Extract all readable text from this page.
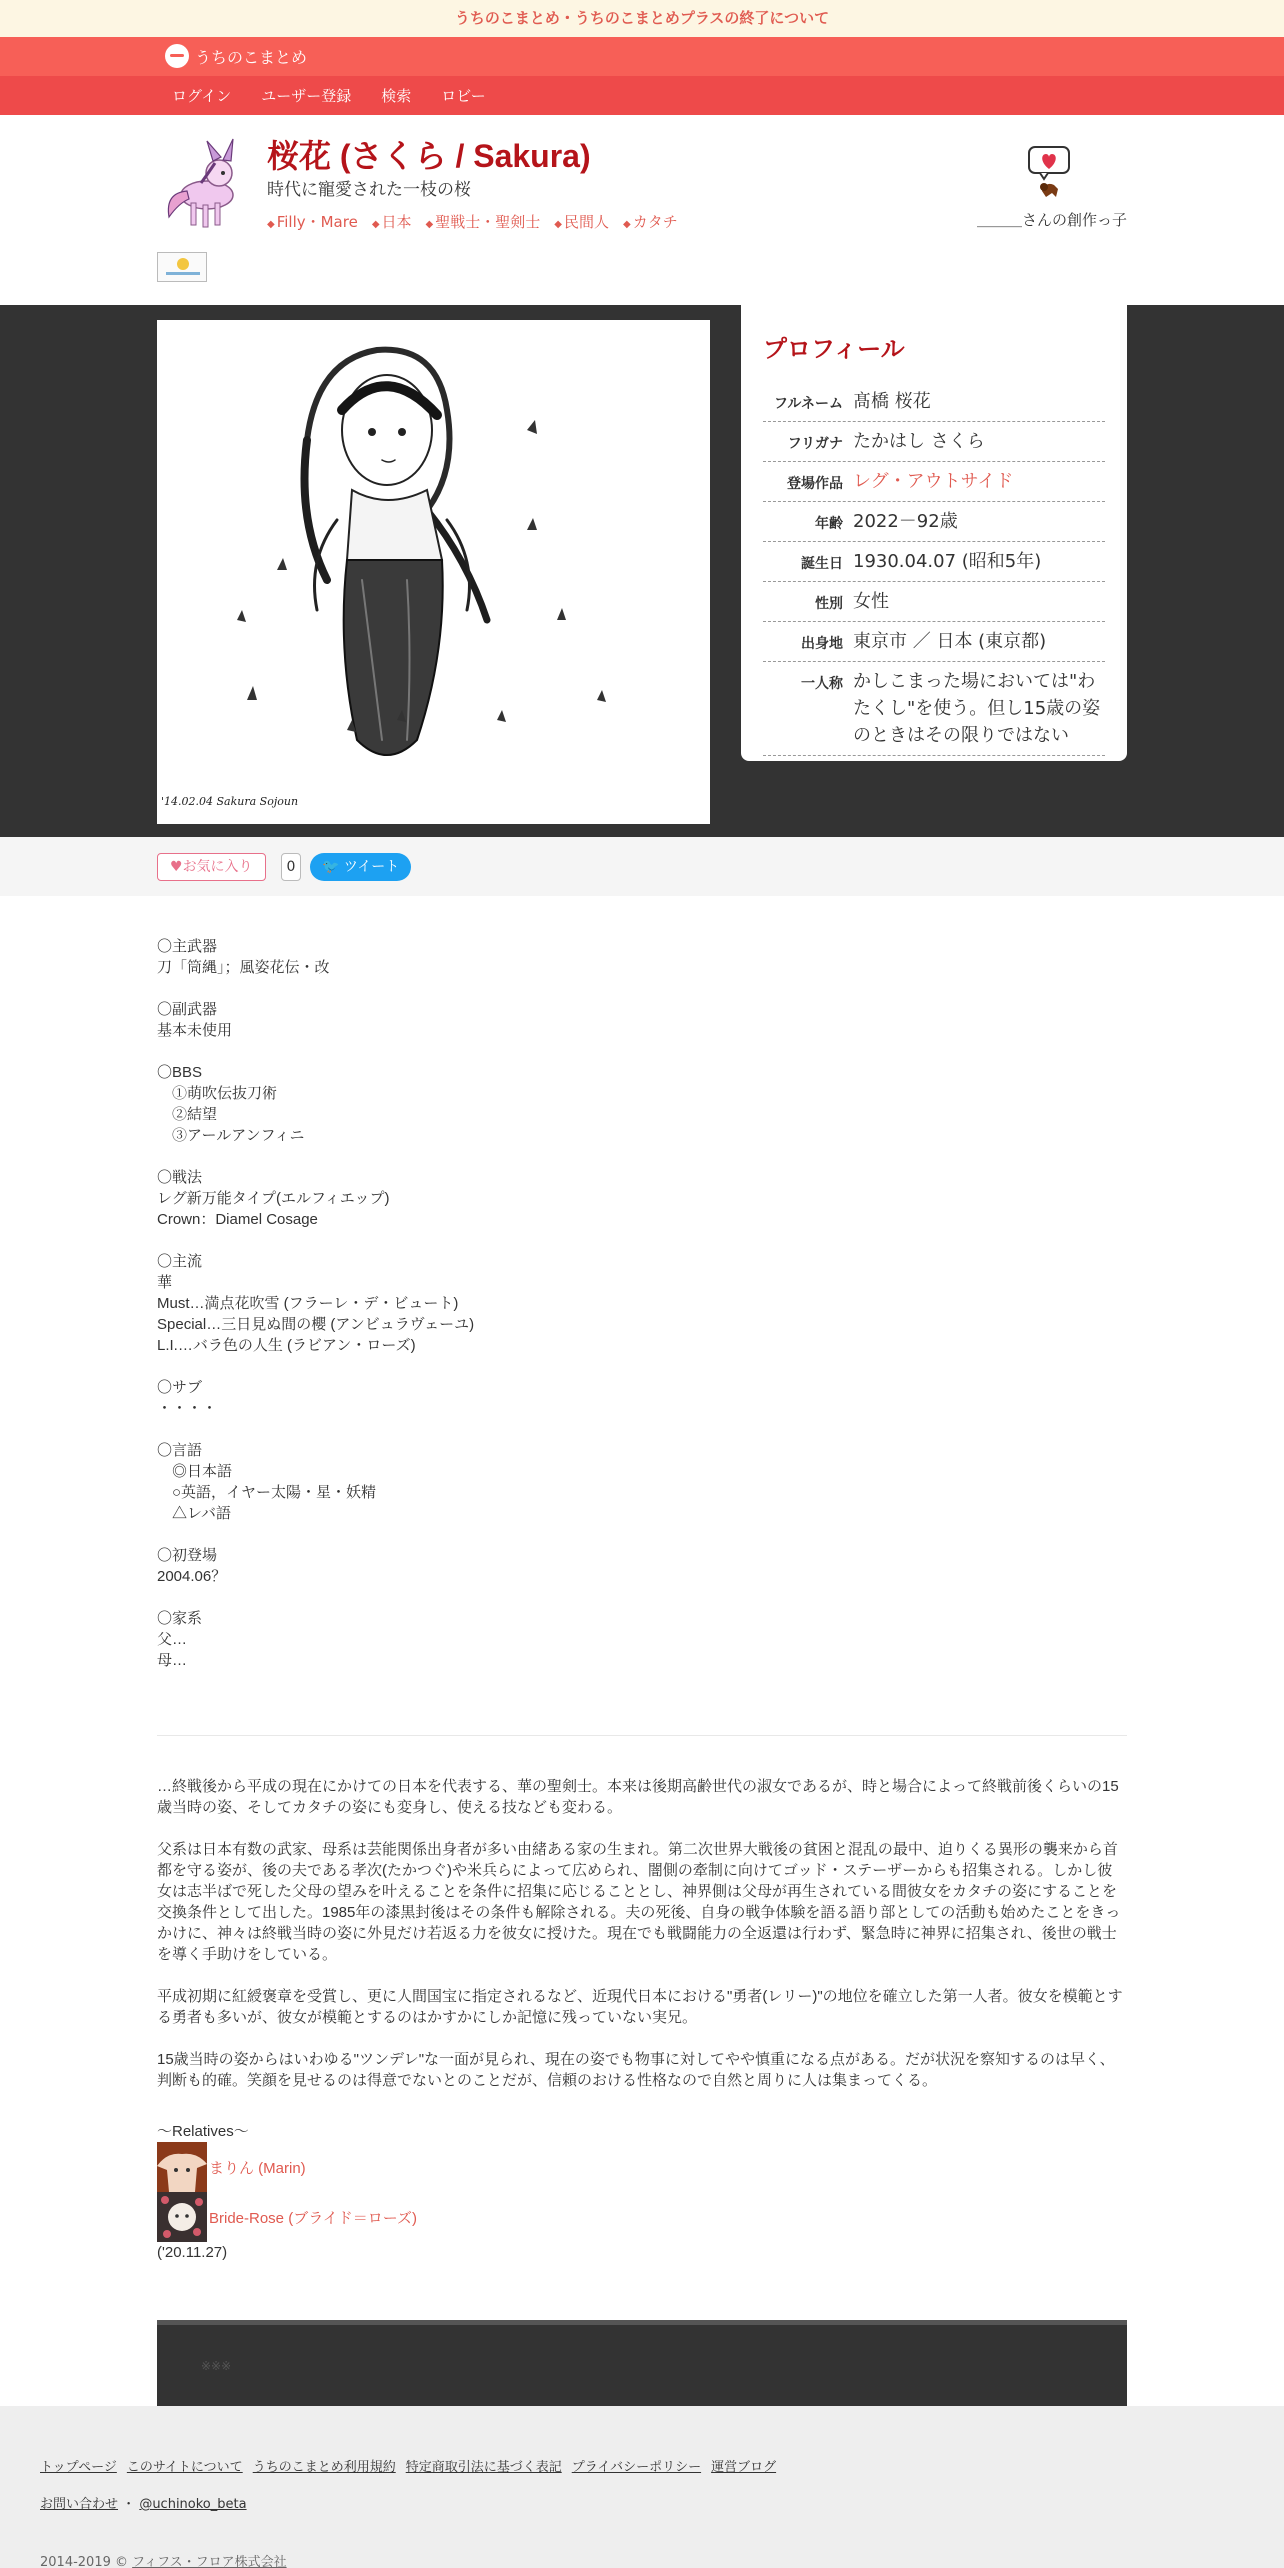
うちのこまとめ・うちのこまとめプラスの終了について
うちのこまとめ
ログイン	ユーザー登録	検索	ロビー
桜花 (さくら / Sakura)
時代に寵愛された一枝の桜
◆ Filly・Mare	◆ 日本	◆ 聖戦士・聖剣士	◆ 民間人	◆ カタチ	＿＿＿さんの創作っ子
'14.02.04 Sakura Sojoun
プロフィール
フルネーム 髙橋 桜花
フリガナ たかはし さくら
登場作品 レグ・アウトサイド
年齢 2022－92歳
誕生日 1930.04.07 (昭和5年)
性別 女性
出身地 東京市 ／ 日本 (東京都)
一人称 かしこまった場においては"わたくし"を使う。但し15歳の姿のときはその限りではない
♥お気に入り	0	🐦 ツイート
〇主武器
刀「筒縄」；風姿花伝・改

〇副武器
基本未使用

〇BBS
　①萌吹伝抜刀術
　②結望
　③アールアンフィニ

〇戦法
レグ新万能タイプ(エルフィエップ)
Crown：Diamel Cosage

〇主流
華
Must…満点花吹雪 (フラーレ・デ・ビュート)
Special…三日見ぬ間の櫻 (アンビュラヴェーユ)
L.I.…バラ色の人生 (ラビアン・ローズ)

〇サブ
・・・・

〇言語
　◎日本語
　○英語，イヤー太陽・星・妖精
　△レバ語

〇初登場
2004.06？

〇家系
父…
母…

…終戦後から平成の現在にかけての日本を代表する、華の聖剣士。本来は後期高齢世代の淑女であるが、時と場合によって終戦前後くらいの15歳当時の姿、そしてカタチの姿にも変身し、使える技なども変わる。

父系は日本有数の武家、母系は芸能関係出身者が多い由緒ある家の生まれ。第二次世界大戦後の貧困と混乱の最中、迫りくる異形の襲来から首都を守る姿が、後の夫である孝次(たかつぐ)や米兵らによって広められ、闇側の牽制に向けてゴッド・ステーザーからも招集される。しかし彼女は志半ばで死した父母の望みを叶えることを条件に招集に応じることとし、神界側は父母が再生されている間彼女をカタチの姿にすることを交換条件として出した。1985年の漆黒封後はその条件も解除される。夫の死後、自身の戦争体験を語る語り部としての活動も始めたことをきっかけに、神々は終戦当時の姿に外見だけ若返る力を彼女に授けた。現在でも戦闘能力の全返還は行わず、緊急時に神界に招集され、後世の戦士を導く手助けをしている。

平成初期に紅綬褒章を受賞し、更に人間国宝に指定されるなど、近現代日本における"勇者(レリー)"の地位を確立した第一人者。彼女を模範とする勇者も多いが、彼女が模範とするのはかすかにしか記憶に残っていない実兄。

15歳当時の姿からはいわゆる"ツンデレ"な一面が見られ、現在の姿でも物事に対してやや慎重になる点がある。だが状況を察知するのは早く、判断も的確。笑顔を見せるのは得意でないとのことだが、信頼のおける性格なので自然と周りに人は集まってくる。

～Relatives～
まりん (Marin)
Bride-Rose (ブライド＝ローズ)
('20.11.27)
※※※
トップページ このサイトについて うちのこまとめ利用規約 特定商取引法に基づく表記 プライバシーポリシー 運営ブログ
お問い合わせ ・ @uchinoko_beta
2014-2019 © フィフス・フロア株式会社
